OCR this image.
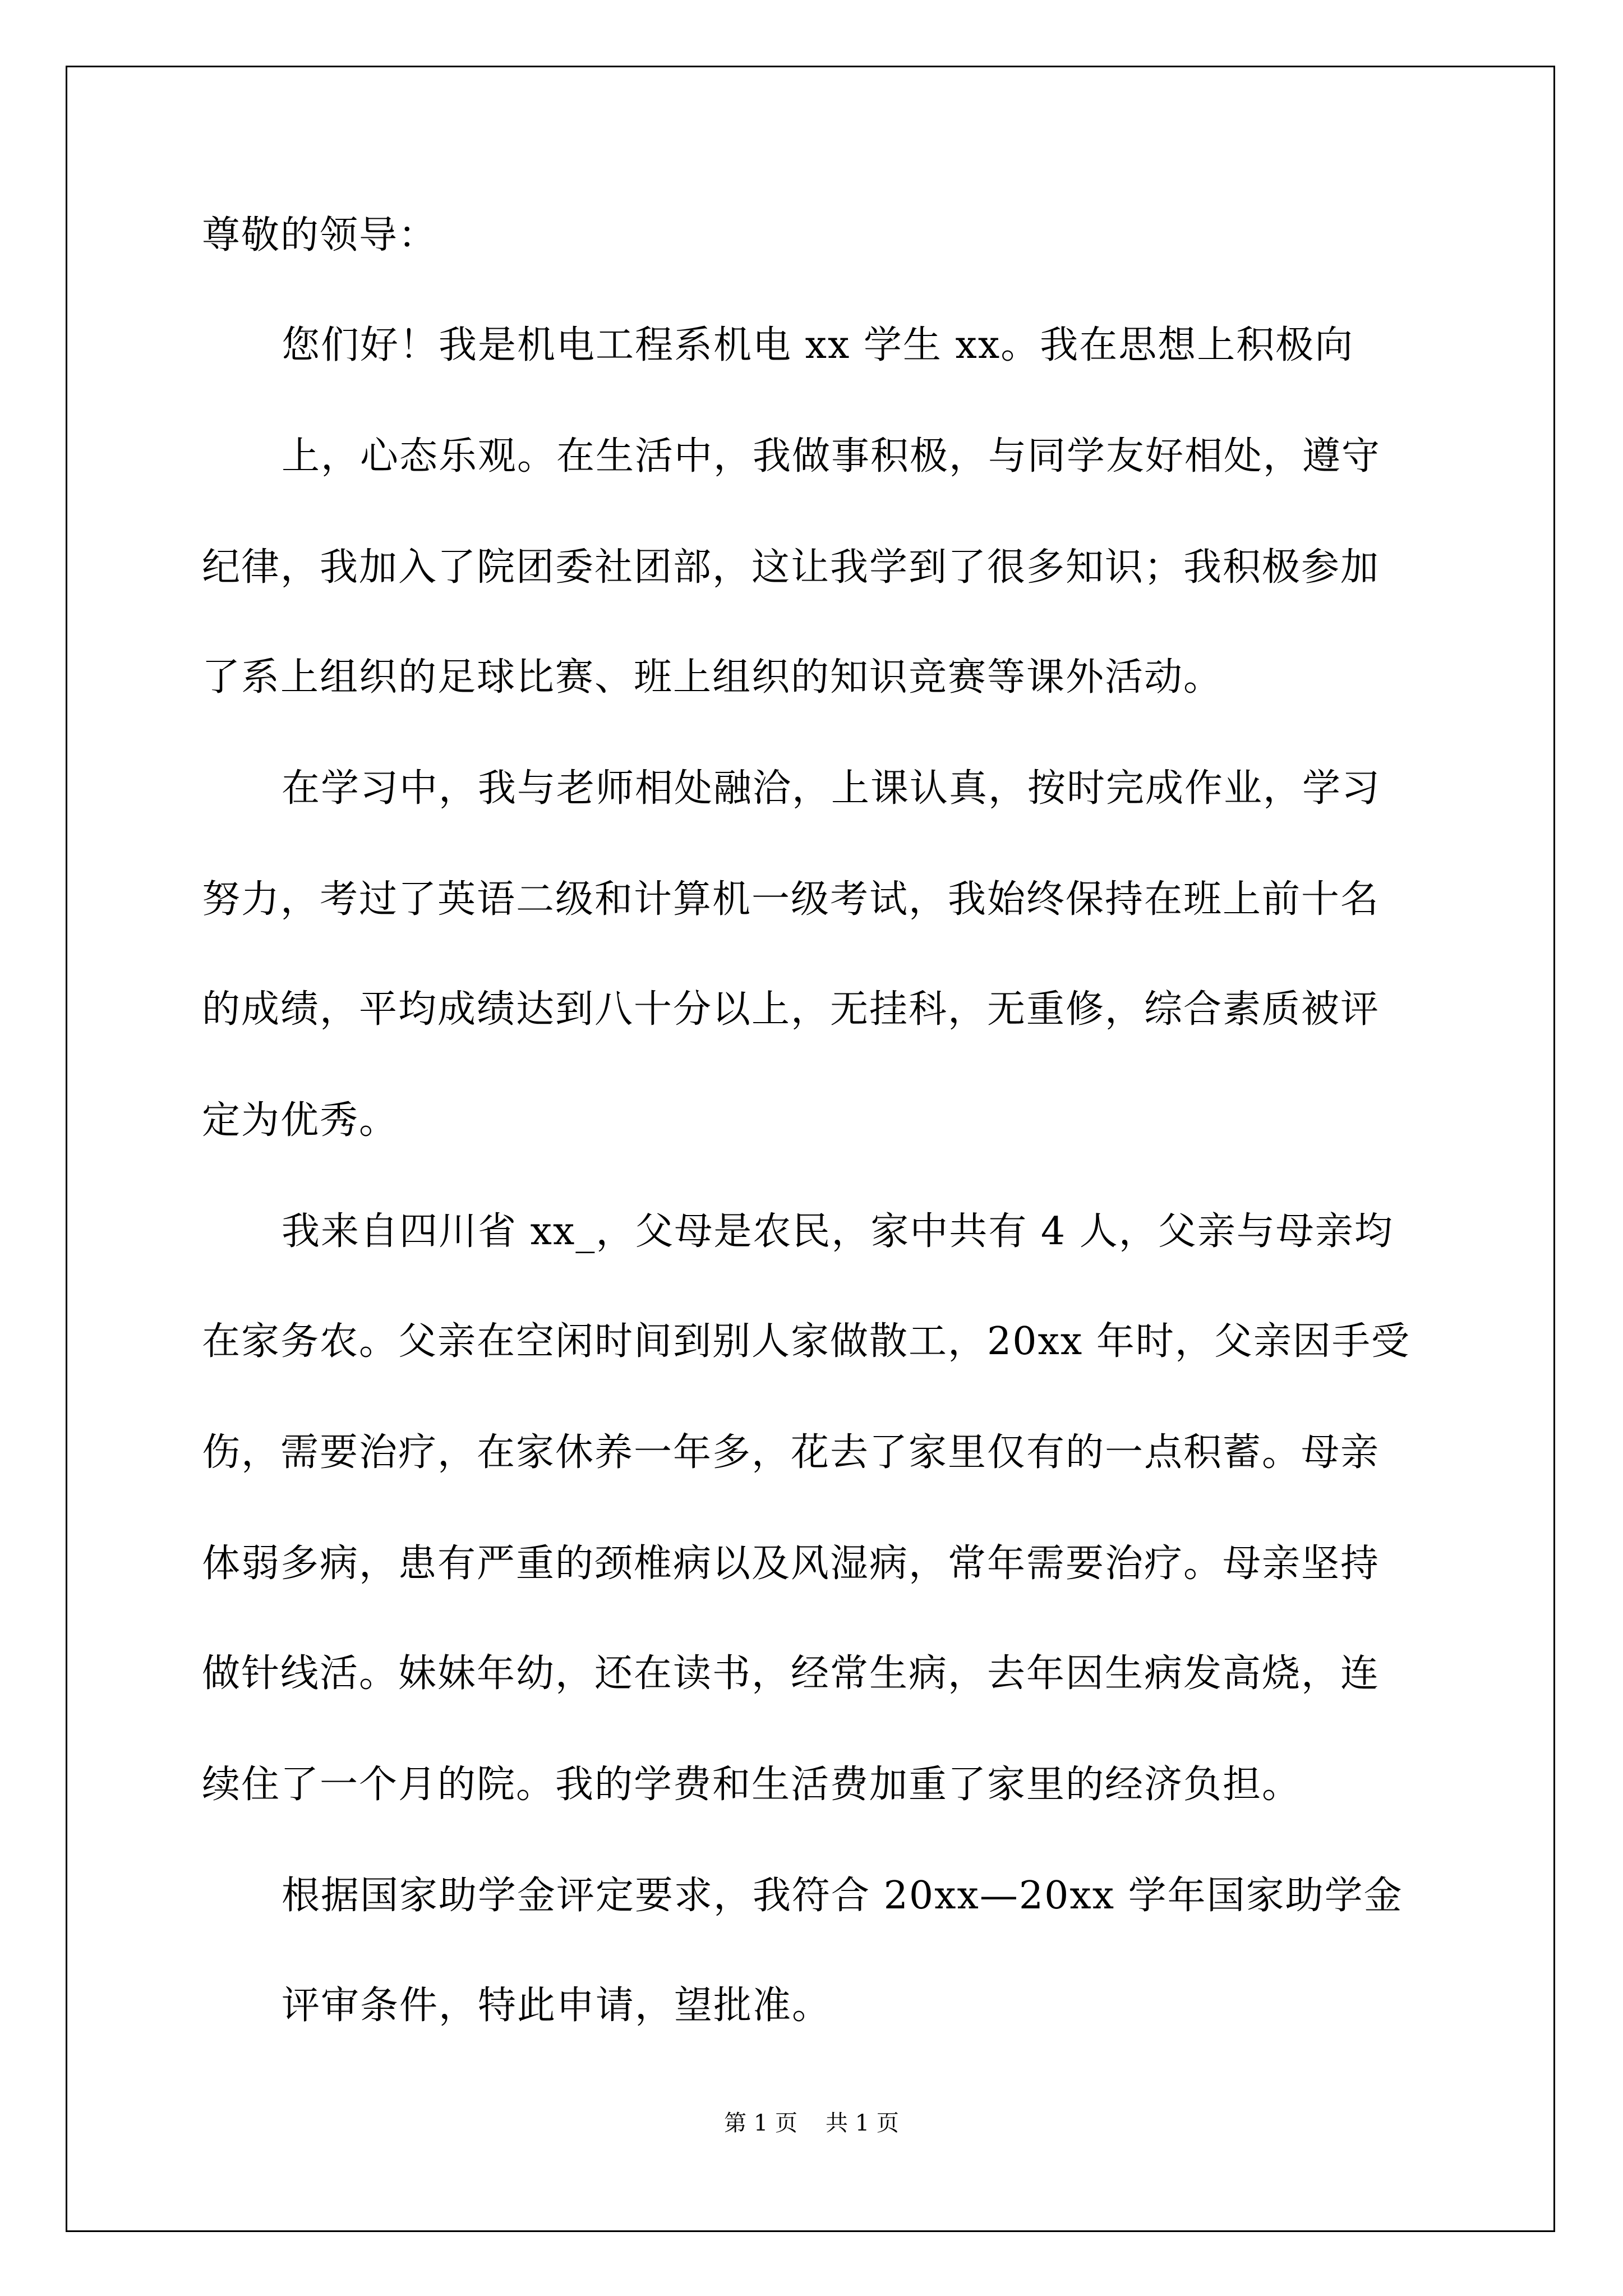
尊敬的领导：
您们好！我是机电工程系机电 xx 学生 xx。我在思想上积极向
上，心态乐观。在生活中，我做事积极，与同学友好相处，遵守
纪律，我加入了院团委社团部，这让我学到了很多知识；我积极参加
了系上组织的足球比赛、班上组织的知识竞赛等课外活动。
在学习中，我与老师相处融洽，上课认真，按时完成作业，学习
努力，考过了英语二级和计算机一级考试，我始终保持在班上前十名
的成绩，平均成绩达到八十分以上，无挂科，无重修，综合素质被评
定为优秀。
我来自四川省 xx_，父母是农民，家中共有 4 人，父亲与母亲均
在家务农。父亲在空闲时间到别人家做散工，20xx 年时，父亲因手受
伤，需要治疗，在家休养一年多，花去了家里仅有的一点积蓄。母亲
体弱多病，患有严重的颈椎病以及风湿病，常年需要治疗。母亲坚持
做针线活。妹妹年幼，还在读书，经常生病，去年因生病发高烧，连
续住了一个月的院。我的学费和生活费加重了家里的经济负担。
根据国家助学金评定要求，我符合 20xx—20xx 学年国家助学金
评审条件，特此申请，望批准。
第 1 页 共 1 页
